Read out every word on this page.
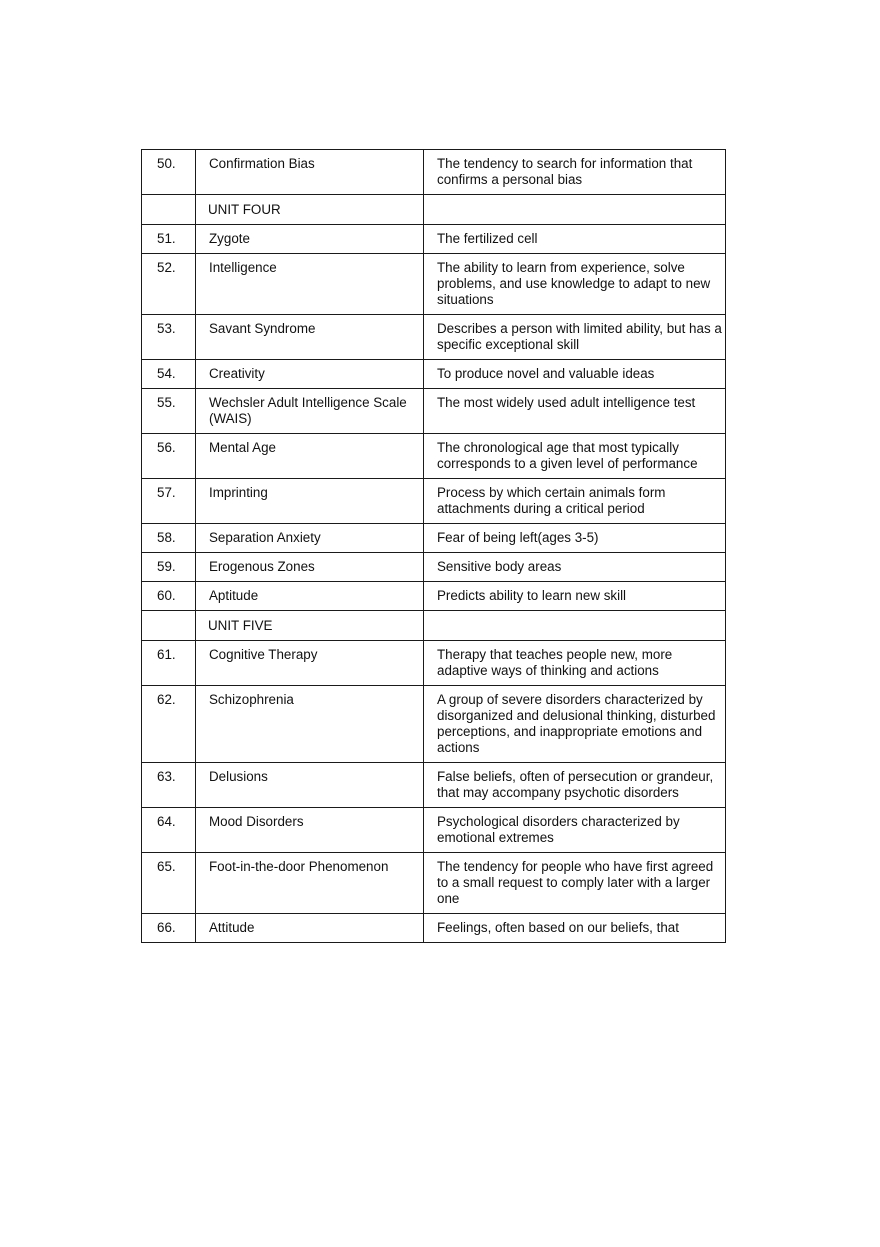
50.	Confirmation Bias	The tendency to search for information that confirms a personal bias
	UNIT FOUR	
51.	Zygote	The fertilized cell
52.	Intelligence	The ability to learn from experience, solve problems, and use knowledge to adapt to new situations
53.	Savant Syndrome	Describes a person with limited ability, but has a specific exceptional skill
54.	Creativity	To produce novel and valuable ideas
55.	Wechsler Adult Intelligence Scale (WAIS)	The most widely used adult intelligence test
56.	Mental Age	The chronological age that most typically corresponds to a given level of performance
57.	Imprinting	Process by which certain animals form attachments during a critical period
58.	Separation Anxiety	Fear of being left(ages 3-5)
59.	Erogenous Zones	Sensitive body areas
60.	Aptitude	Predicts ability to learn new skill
	UNIT FIVE	
61.	Cognitive Therapy	Therapy that teaches people new, more adaptive ways of thinking and actions
62.	Schizophrenia	A group of severe disorders characterized by disorganized and delusional thinking, disturbed perceptions, and inappropriate emotions and actions
63.	Delusions	False beliefs, often of persecution or grandeur, that may accompany psychotic disorders
64.	Mood Disorders	Psychological disorders characterized by emotional extremes
65.	Foot-in-the-door Phenomenon	The tendency for people who have first agreed to a small request to comply later with a larger one
66.	Attitude	Feelings, often based on our beliefs, that
